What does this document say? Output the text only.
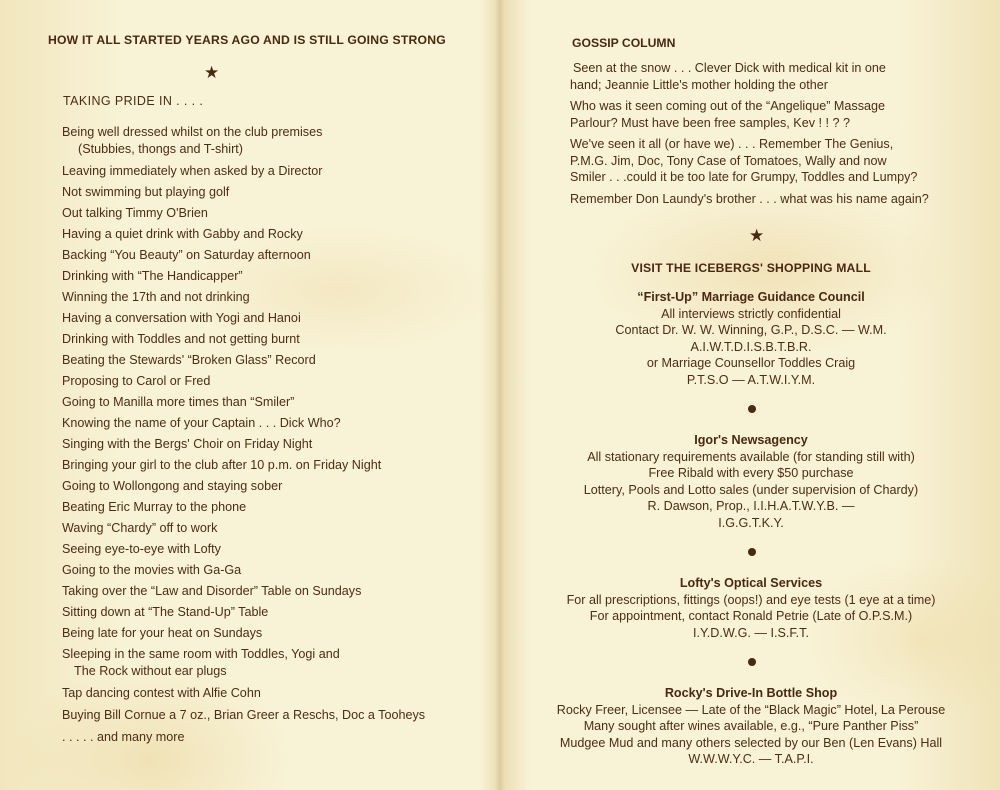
HOW IT ALL STARTED YEARS AGO AND IS STILL GOING STRONG
★
TAKING PRIDE IN . . . .
Being well dressed whilst on the club premises
(Stubbies, thongs and T-shirt)
Leaving immediately when asked by a Director
Not swimming but playing golf
Out talking Timmy O'Brien
Having a quiet drink with Gabby and Rocky
Backing “You Beauty” on Saturday afternoon
Drinking with “The Handicapper”
Winning the 17th and not drinking
Having a conversation with Yogi and Hanoi
Drinking with Toddles and not getting burnt
Beating the Stewards' “Broken Glass” Record
Proposing to Carol or Fred
Going to Manilla more times than “Smiler”
Knowing the name of your Captain . . . Dick Who?
Singing with the Bergs' Choir on Friday Night
Bringing your girl to the club after 10 p.m. on Friday Night
Going to Wollongong and staying sober
Beating Eric Murray to the phone
Waving “Chardy” off to work
Seeing eye-to-eye with Lofty
Going to the movies with Ga-Ga
Taking over the “Law and Disorder” Table on Sundays
Sitting down at “The Stand-Up” Table
Being late for your heat on Sundays
Sleeping in the same room with Toddles, Yogi and
The Rock without ear plugs
Tap dancing contest with Alfie Cohn
Buying Bill Cornue a 7 oz., Brian Greer a Reschs, Doc a Tooheys
. . . . . and many more
GOSSIP COLUMN

Seen at the snow . . . Clever Dick with medical kit in one
hand; Jeannie Little's mother holding the other

Who was it seen coming out of the “Angelique” Massage
Parlour? Must have been free samples, Kev ! ! ? ?

We've seen it all (or have we) . . . Remember The Genius,
P.M.G. Jim, Doc, Tony Case of Tomatoes, Wally and now
Smiler . . .could it be too late for Grumpy, Toddles and Lumpy?

Remember Don Laundy's brother . . . what was his name again?

★
VISIT THE ICEBERGS' SHOPPING MALL
“First-Up” Marriage Guidance Council
All interviews strictly confidential
Contact Dr. W. W. Winning, G.P., D.S.C. — W.M.
A.I.W.T.D.I.S.B.T.B.R.
or Marriage Counsellor Toddles Craig
P.T.S.O — A.T.W.I.Y.M.
Igor's Newsagency
All stationary requirements available (for standing still with)
Free Ribald with every $50 purchase
Lottery, Pools and Lotto sales (under supervision of Chardy)
R. Dawson, Prop., I.I.H.A.T.W.Y.B. —
I.G.G.T.K.Y.
Lofty's Optical Services
For all prescriptions, fittings (oops!) and eye tests (1 eye at a time)
For appointment, contact Ronald Petrie (Late of O.P.S.M.)
I.Y.D.W.G. — I.S.F.T.
Rocky's Drive-In Bottle Shop
Rocky Freer, Licensee — Late of the “Black Magic” Hotel, La Perouse
Many sought after wines available, e.g., “Pure Panther Piss”
Mudgee Mud and many others selected by our Ben (Len Evans) Hall
W.W.W.Y.C. — T.A.P.I.
